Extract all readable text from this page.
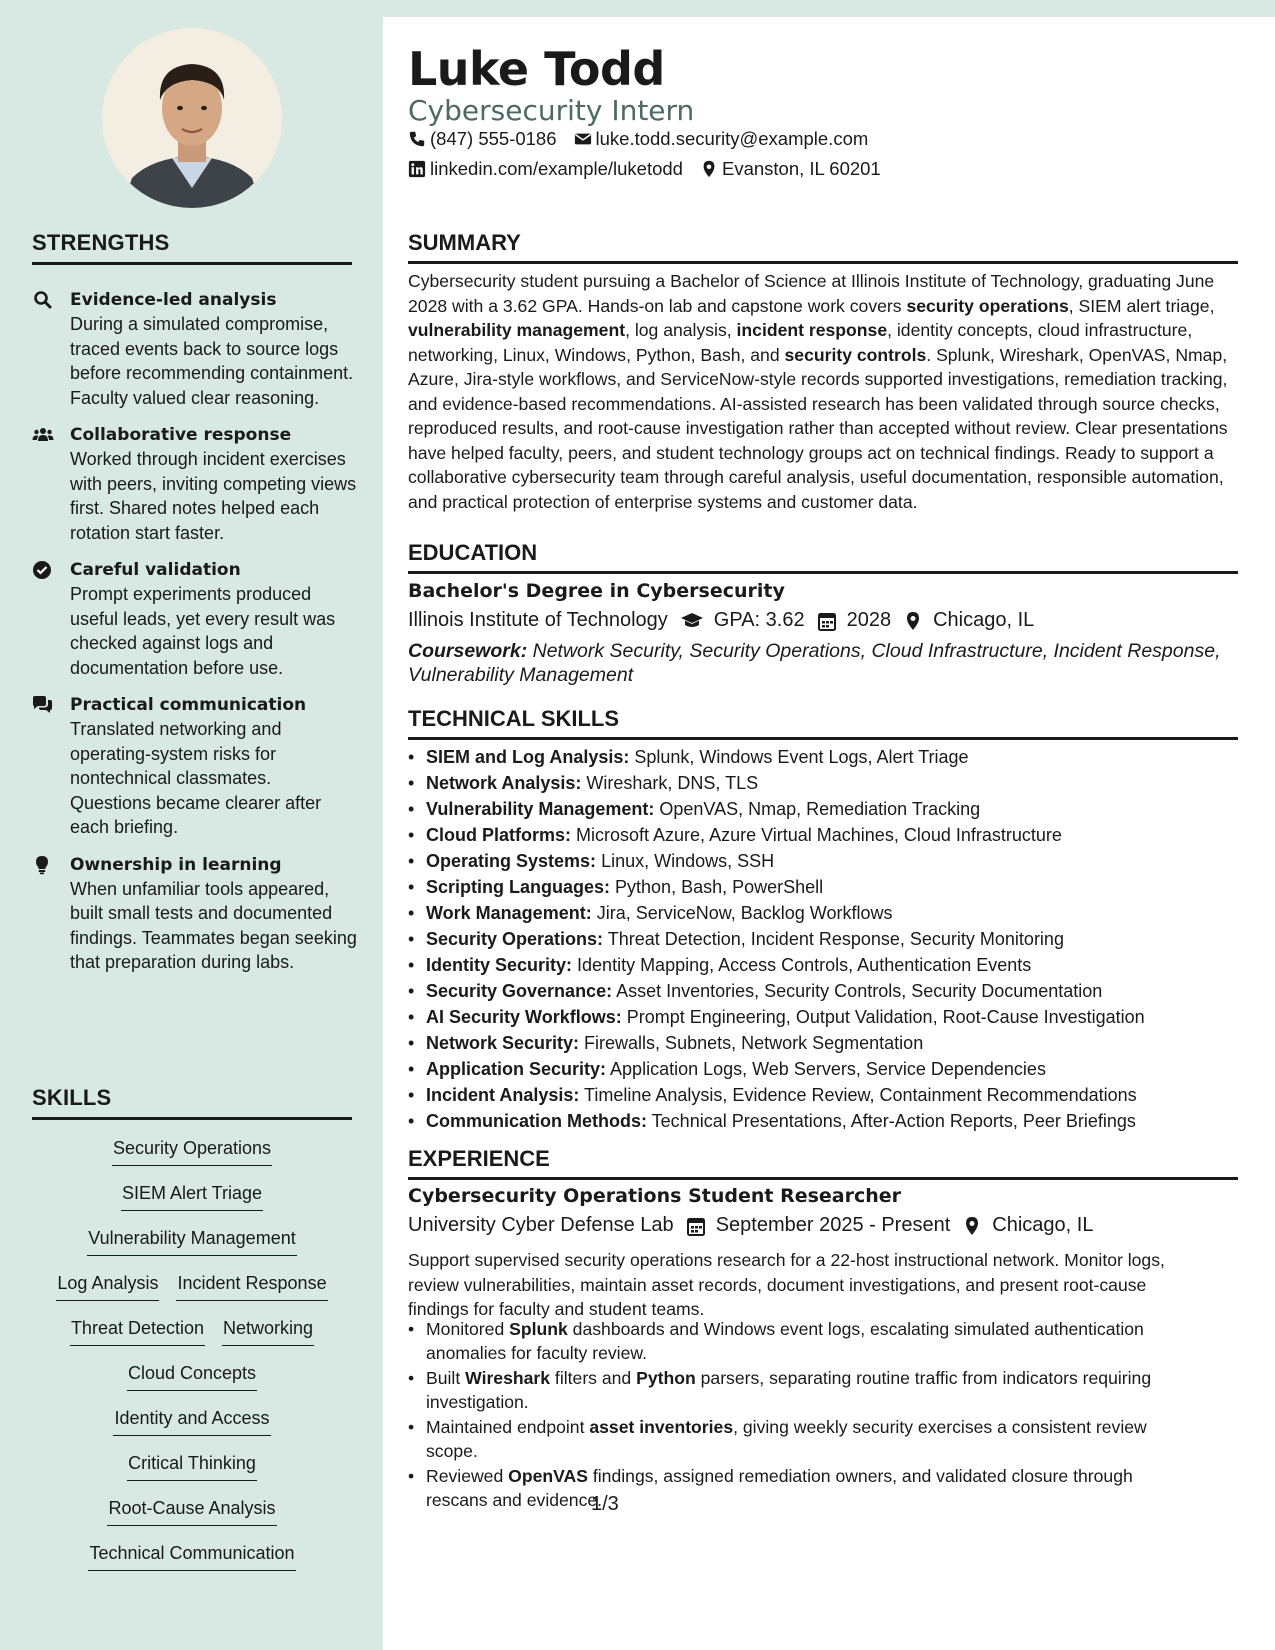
STRENGTHS
Evidence-led analysis
During a simulated compromise, traced events back to source logs before recommending containment. Faculty valued clear reasoning.
Collaborative response
Worked through incident exercises with peers, inviting competing views first. Shared notes helped each rotation start faster.
Careful validation
Prompt experiments produced useful leads, yet every result was checked against logs and documentation before use.
Practical communication
Translated networking and operating-system risks for nontechnical classmates. Questions became clearer after each briefing.
Ownership in learning
When unfamiliar tools appeared, built small tests and documented findings. Teammates began seeking that preparation during labs.
SKILLS
Security Operations
SIEM Alert Triage
Vulnerability Management
Log Analysis Incident Response
Threat Detection Networking
Cloud Concepts
Identity and Access
Critical Thinking
Root-Cause Analysis
Technical Communication
Luke Todd
Cybersecurity Intern
(847) 555-0186 luke.todd.security@example.com
linkedin.com/example/luketodd Evanston, IL 60201
SUMMARY
Cybersecurity student pursuing a Bachelor of Science at Illinois Institute of Technology, graduating June 2028 with a 3.62 GPA. Hands-on lab and capstone work covers security operations, SIEM alert triage, vulnerability management, log analysis, incident response, identity concepts, cloud infrastructure, networking, Linux, Windows, Python, Bash, and security controls. Splunk, Wireshark, OpenVAS, Nmap, Azure, Jira-style workflows, and ServiceNow-style records supported investigations, remediation tracking, and evidence-based recommendations. AI-assisted research has been validated through source checks, reproduced results, and root-cause investigation rather than accepted without review. Clear presentations have helped faculty, peers, and student technology groups act on technical findings. Ready to support a collaborative cybersecurity team through careful analysis, useful documentation, responsible automation, and practical protection of enterprise systems and customer data.
EDUCATION
Bachelor's Degree in Cybersecurity
Illinois Institute of Technology GPA: 3.62 2028 Chicago, IL
Coursework: Network Security, Security Operations, Cloud Infrastructure, Incident Response, Vulnerability Management
TECHNICAL SKILLS
• SIEM and Log Analysis: Splunk, Windows Event Logs, Alert Triage
• Network Analysis: Wireshark, DNS, TLS
• Vulnerability Management: OpenVAS, Nmap, Remediation Tracking
• Cloud Platforms: Microsoft Azure, Azure Virtual Machines, Cloud Infrastructure
• Operating Systems: Linux, Windows, SSH
• Scripting Languages: Python, Bash, PowerShell
• Work Management: Jira, ServiceNow, Backlog Workflows
• Security Operations: Threat Detection, Incident Response, Security Monitoring
• Identity Security: Identity Mapping, Access Controls, Authentication Events
• Security Governance: Asset Inventories, Security Controls, Security Documentation
• AI Security Workflows: Prompt Engineering, Output Validation, Root-Cause Investigation
• Network Security: Firewalls, Subnets, Network Segmentation
• Application Security: Application Logs, Web Servers, Service Dependencies
• Incident Analysis: Timeline Analysis, Evidence Review, Containment Recommendations
• Communication Methods: Technical Presentations, After-Action Reports, Peer Briefings
EXPERIENCE
Cybersecurity Operations Student Researcher
University Cyber Defense Lab September 2025 - Present Chicago, IL
Support supervised security operations research for a 22-host instructional network. Monitor logs, review vulnerabilities, maintain asset records, document investigations, and present root-cause findings for faculty and student teams.
• Monitored Splunk dashboards and Windows event logs, escalating simulated authentication anomalies for faculty review.
• Built Wireshark filters and Python parsers, separating routine traffic from indicators requiring investigation.
• Maintained endpoint asset inventories, giving weekly security exercises a consistent review scope.
• Reviewed OpenVAS findings, assigned remediation owners, and validated closure through rescans and evidence.
1/3
